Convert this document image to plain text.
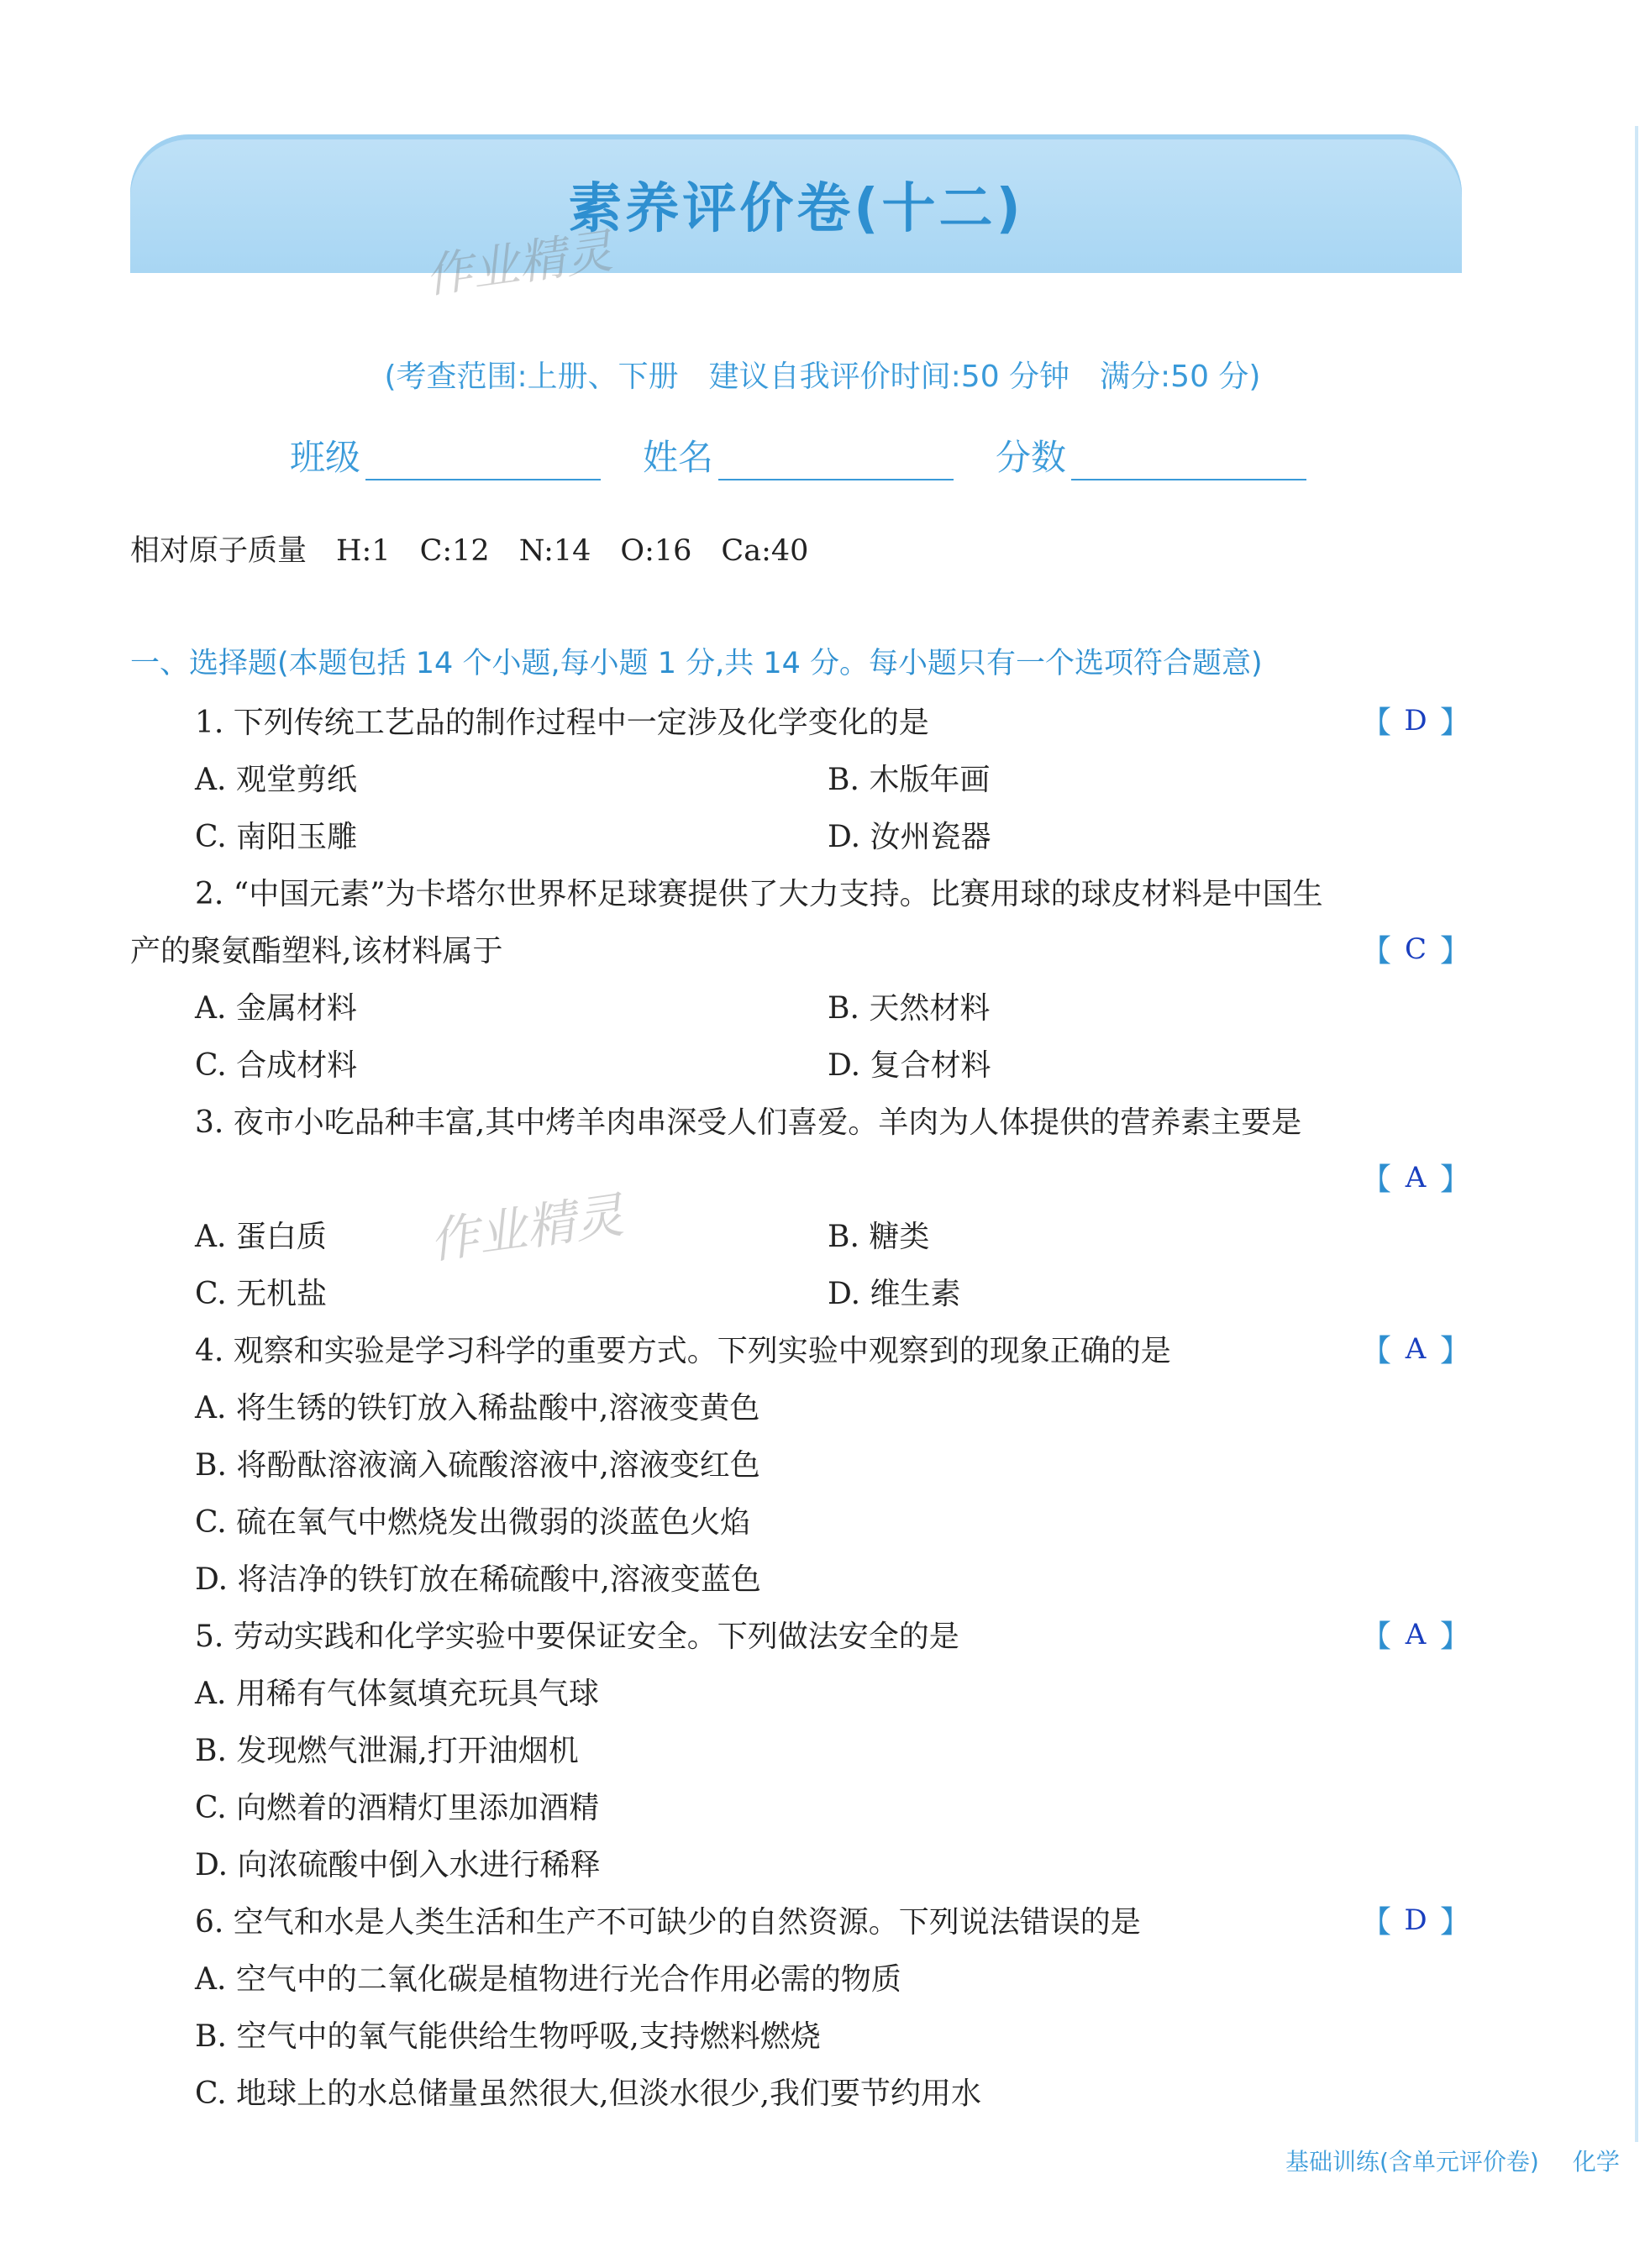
素养评价卷(十二)
作业精灵
作业精灵
(考查范围:上册、下册　建议自我评价时间:50 分钟　满分:50 分)
班级	姓名	分数
相对原子质量　H:1　C:12　N:14　O:16　Ca:40
一、选择题(本题包括 14 个小题,每小题 1 分,共 14 分。每小题只有一个选项符合题意)
1. 下列传统工艺品的制作过程中一定涉及化学变化的是	【 D 】
A. 观堂剪纸	B. 木版年画
C. 南阳玉雕	D. 汝州瓷器
2. “中国元素”为卡塔尔世界杯足球赛提供了大力支持。比赛用球的球皮材料是中国生
产的聚氨酯塑料,该材料属于	【 C 】
A. 金属材料	B. 天然材料
C. 合成材料	D. 复合材料
3. 夜市小吃品种丰富,其中烤羊肉串深受人们喜爱。羊肉为人体提供的营养素主要是
【 A 】
A. 蛋白质	B. 糖类
C. 无机盐	D. 维生素
4. 观察和实验是学习科学的重要方式。下列实验中观察到的现象正确的是	【 A 】
A. 将生锈的铁钉放入稀盐酸中,溶液变黄色
B. 将酚酞溶液滴入硫酸溶液中,溶液变红色
C. 硫在氧气中燃烧发出微弱的淡蓝色火焰
D. 将洁净的铁钉放在稀硫酸中,溶液变蓝色
5. 劳动实践和化学实验中要保证安全。下列做法安全的是	【 A 】
A. 用稀有气体氦填充玩具气球
B. 发现燃气泄漏,打开油烟机
C. 向燃着的酒精灯里添加酒精
D. 向浓硫酸中倒入水进行稀释
6. 空气和水是人类生活和生产不可缺少的自然资源。下列说法错误的是	【 D 】
A. 空气中的二氧化碳是植物进行光合作用必需的物质
B. 空气中的氧气能供给生物呼吸,支持燃料燃烧
C. 地球上的水总储量虽然很大,但淡水很少,我们要节约用水
基础训练(含单元评价卷) 化学
